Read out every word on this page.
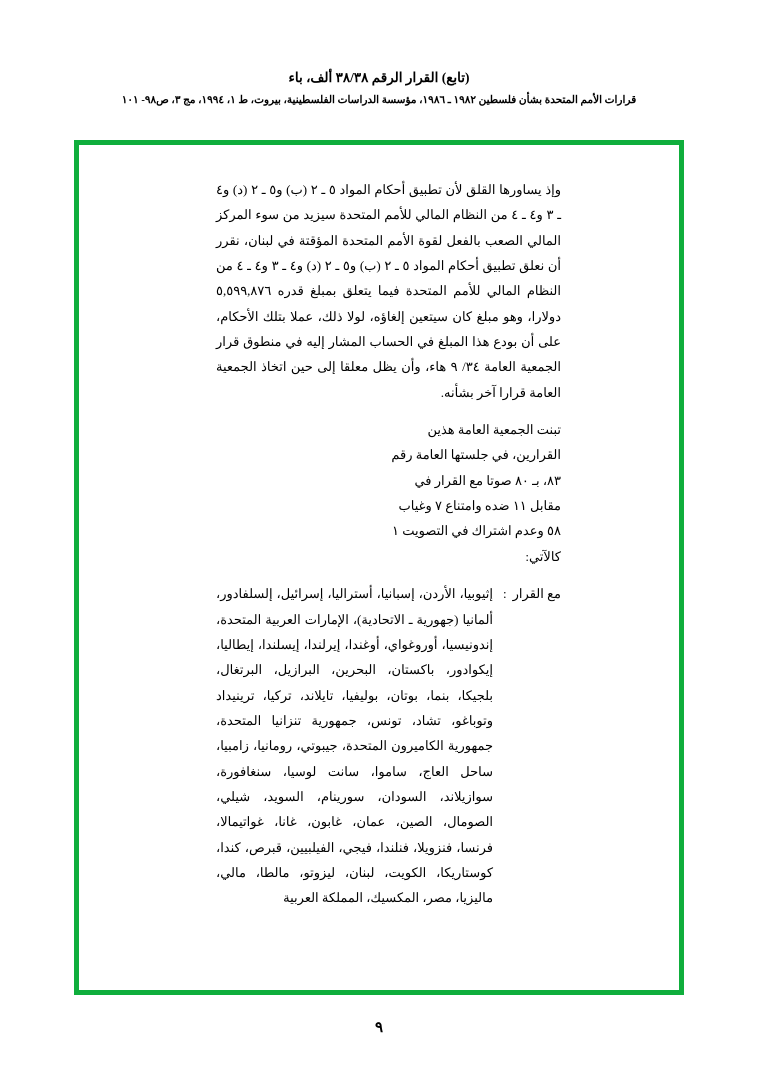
(تابع) القرار الرقم ٣٨/٣٨ ألف، باء
قرارات الأمم المتحدة بشأن فلسطين ١٩٨٢ ـ ١٩٨٦، مؤسسة الدراسات الفلسطينية، بيروت، ط ١، ١٩٩٤، مج ٣، ص٩٨- ١٠١

وإذ يساورها القلق لأن تطبيق أحكام المواد ٥ ـ ٢ (ب) و٥ ـ ٢ (د) و٤ ـ ٣ و٤ ـ ٤ من النظام المالي للأمم المتحدة سيزيد من سوء المركز المالي الصعب بالفعل لقوة الأمم المتحدة المؤقتة في لبنان، نقرر أن نعلق تطبيق أحكام المواد ٥ ـ ٢ (ب) و٥ ـ ٢ (د) و٤ ـ ٣ و٤ ـ ٤ من النظام المالي للأمم المتحدة فيما يتعلق بمبلغ قدره ٥,٥٩٩,٨٧٦ دولارا، وهو مبلغ كان سيتعين إلغاؤه، لولا ذلك، عملا بتلك الأحكام، على أن بودع هذا المبلغ في الحساب المشار إليه في منطوق قرار الجمعية العامة ٣٤/ ٩ هاء، وأن يظل معلقا إلى حين اتخاذ الجمعية العامة قرارا آخر بشأنه.

تبنت الجمعية العامة هذين
القرارين، في جلستها العامة رقم
٨٣، بـ ٨٠ صوتا مع القرار في
مقابل ١١ ضده وامتناع ٧ وغياب
٥٨ وعدم اشتراك في التصويت ١
كالآتي:
مع القرار
:
إثيوبيا، الأردن، إسبانيا، أستراليا، إسرائيل، إلسلفادور، ألمانيا (جهورية ـ الاتحادية)، الإمارات العربية المتحدة، إندونيسيا، أوروغواي، أوغندا، إيرلندا، إيسلندا، إيطاليا، إيكوادور، باكستان، البحرين، البرازيل، البرتغال، بلجيكا، بنما، بوتان، بوليفيا، تايلاند، تركيا، ترينيداد وتوباغو، تشاد، تونس، جمهورية تنزانيا المتحدة، جمهورية الكاميرون المتحدة، جيبوتي، رومانيا، زامبيا، ساحل العاج، ساموا، سانت لوسيا، سنغافورة، سوازيلاند، السودان، سورينام، السويد، شيلي، الصومال، الصين، عمان، غابون، غانا، غواتيمالا، فرنسا، فنزويلا، فنلندا، فيجي، الفيلبيين، قبرص، كندا، كوستاريكا، الكويت، لبنان، ليزوتو، مالطا، مالي، ماليزيا، مصر، المكسيك، المملكة العربية
٩
